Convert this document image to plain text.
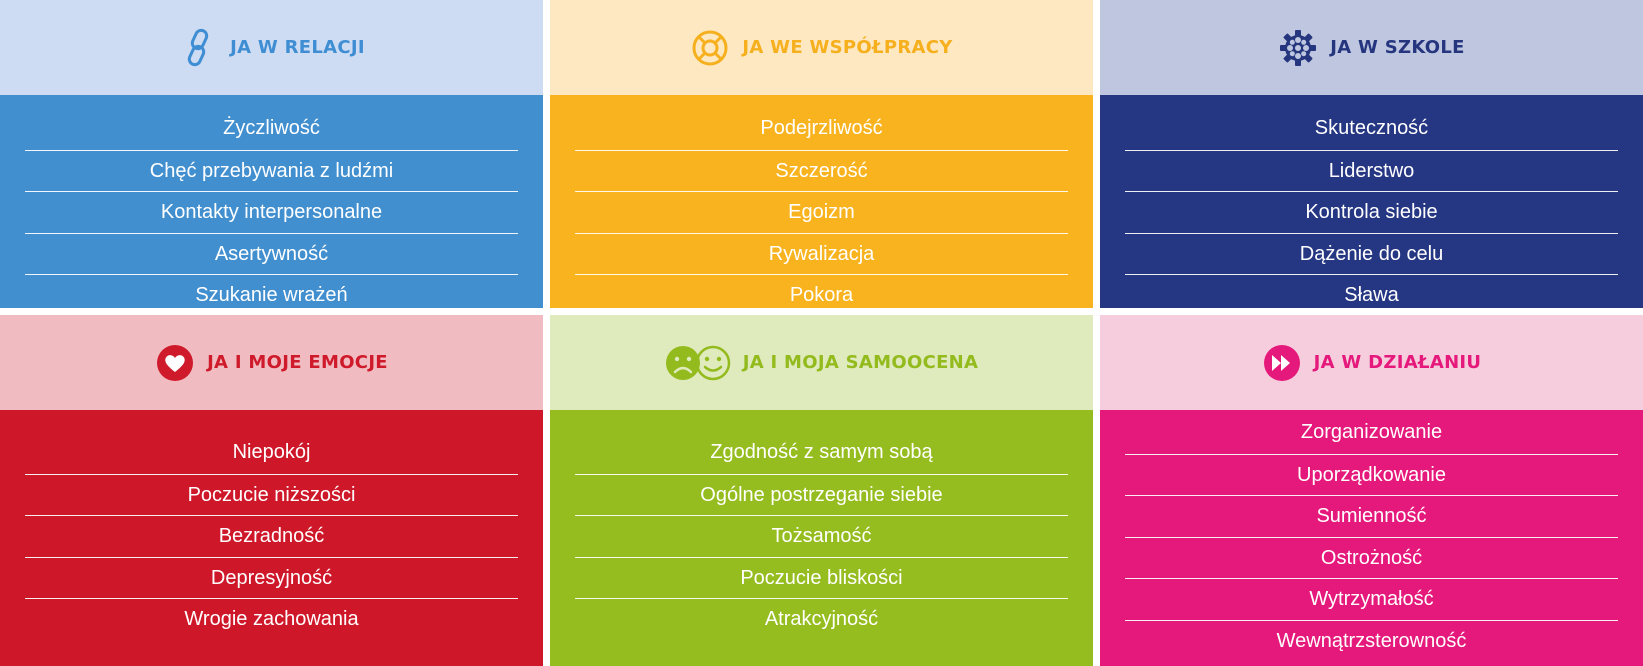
JA W RELACJI
Życzliwość
Chęć przebywania z ludźmi
Kontakty interpersonalne
Asertywność
Szukanie wrażeń
JA WE WSPÓŁPRACY
Podejrzliwość
Szczerość
Egoizm
Rywalizacja
Pokora
JA W SZKOLE
Skuteczność
Liderstwo
Kontrola siebie
Dążenie do celu
Sława
JA I MOJE EMOCJE
Niepokój
Poczucie niższości
Bezradność
Depresyjność
Wrogie zachowania
JA I MOJA SAMOOCENA
Zgodność z samym sobą
Ogólne postrzeganie siebie
Tożsamość
Poczucie bliskości
Atrakcyjność
JA W DZIAŁANIU
Zorganizowanie
Uporządkowanie
Sumienność
Ostrożność
Wytrzymałość
Wewnątrzsterowność
